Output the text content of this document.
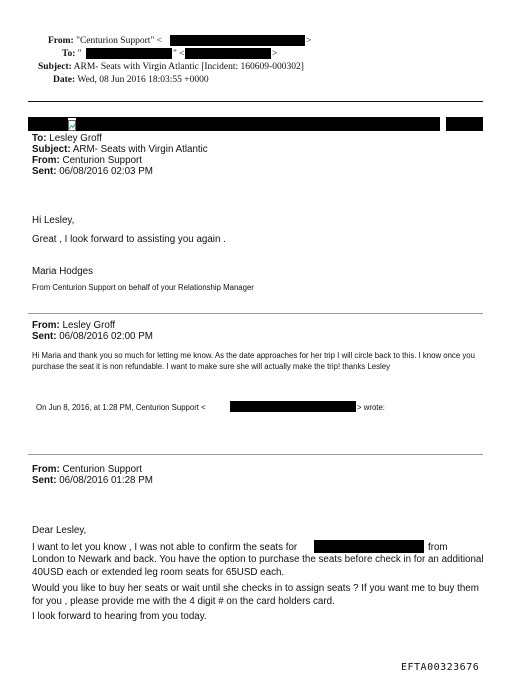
From: "Centurion Support" <	>
To: "	" <	>
Subject: ARM- Seats with Virgin Atlantic [Incident: 160609-000302]
Date: Wed, 08 Jun 2016 18:03:55 +0000
To: Lesley Groff
Subject: ARM- Seats with Virgin Atlantic
From: Centurion Support
Sent: 06/08/2016 02:03 PM
Hi Lesley,
Great , I look forward to assisting you again .
Maria Hodges
From Centurion Support on behalf of your Relationship Manager
From: Lesley Groff
Sent: 06/08/2016 02:00 PM
Hi Maria and thank you so much for letting me know. As the date approaches for her trip I will circle back to this. I know once you purchase the seat it is non refundable. I want to make sure she will actually make the trip! thanks Lesley
On Jun 8, 2016, at 1:28 PM, Centurion Support <	> wrote:
From: Centurion Support
Sent: 06/08/2016 01:28 PM
Dear Lesley,
I want to let you know , I was not able to confirm the seats for	from
London to Newark and back. You have the option to purchase the seats before check in for an additional 40USD each or extended leg room seats for 65USD each.
Would you like to buy her seats or wait until she checks in to assign seats ? If you want me to buy them for you , please provide me with the 4 digit # on the card holders card.
I look forward to hearing from you today.
EFTA00323676
